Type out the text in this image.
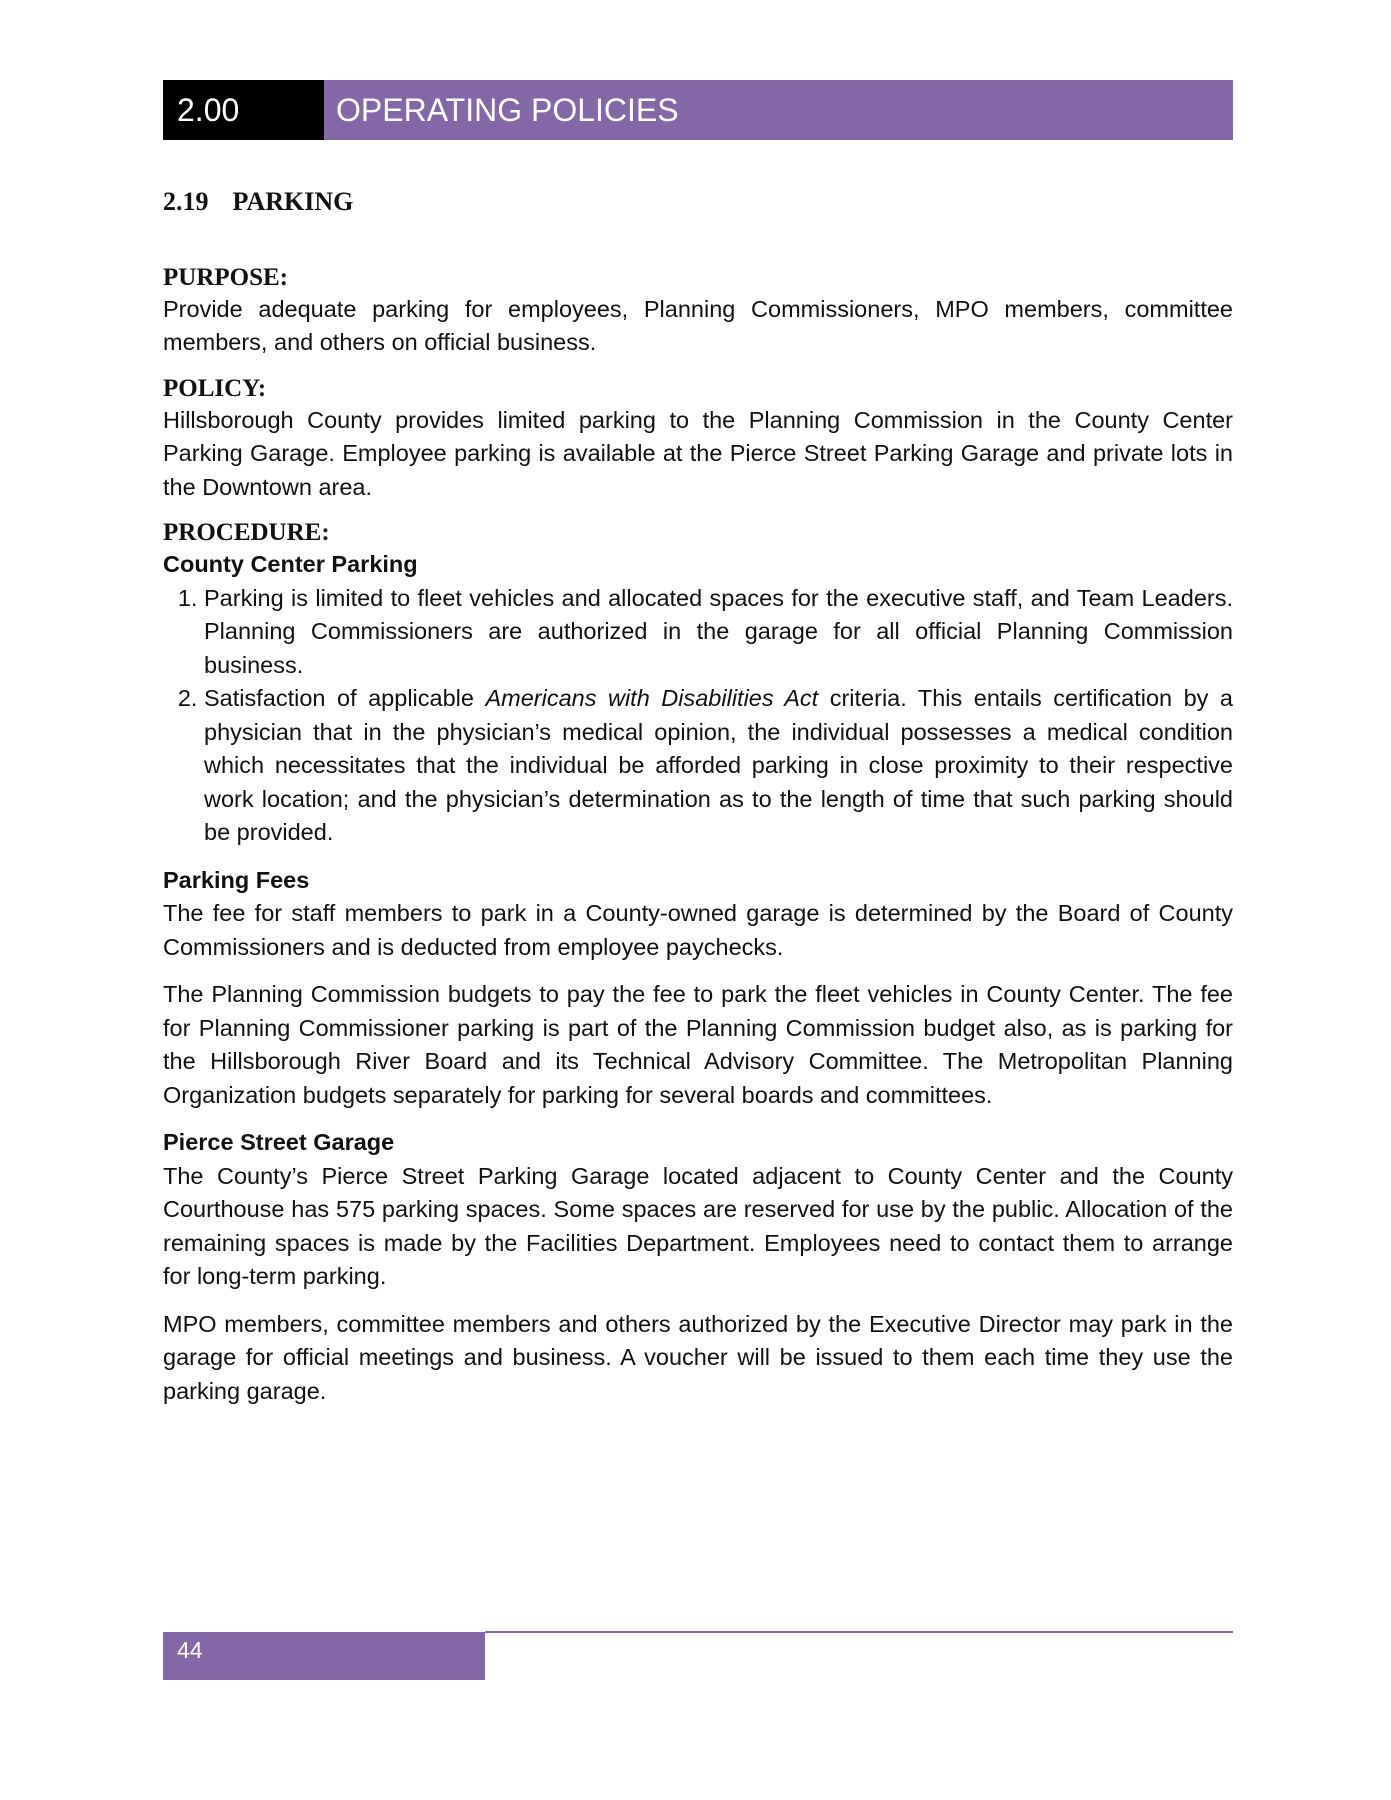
2.00	OPERATING POLICIES
2.19 PARKING
PURPOSE:

Provide adequate parking for employees, Planning Commissioners, MPO members, committee members, and others on official business.

POLICY:

Hillsborough County provides limited parking to the Planning Commission in the County Center Parking Garage. Employee parking is available at the Pierce Street Parking Garage and private lots in the Downtown area.

PROCEDURE:
County Center Parking
1. Parking is limited to fleet vehicles and allocated spaces for the executive staff, and Team Leaders. Planning Commissioners are authorized in the garage for all official Planning Commission business.
2. Satisfaction of applicable Americans with Disabilities Act criteria. This entails certification by a physician that in the physician’s medical opinion, the individual possesses a medical condition which necessitates that the individual be afforded parking in close proximity to their respective work location; and the physician’s determination as to the length of time that such parking should be provided.
Parking Fees

The fee for staff members to park in a County-owned garage is determined by the Board of County Commissioners and is deducted from employee paychecks.

The Planning Commission budgets to pay the fee to park the fleet vehicles in County Center. The fee for Planning Commissioner parking is part of the Planning Commission budget also, as is parking for the Hillsborough River Board and its Technical Advisory Committee. The Metropolitan Planning Organization budgets separately for parking for several boards and committees.

Pierce Street Garage

The County’s Pierce Street Parking Garage located adjacent to County Center and the County Courthouse has 575 parking spaces. Some spaces are reserved for use by the public. Allocation of the remaining spaces is made by the Facilities Department. Employees need to contact them to arrange for long-term parking.

MPO members, committee members and others authorized by the Executive Director may park in the garage for official meetings and business. A voucher will be issued to them each time they use the parking garage.

44
